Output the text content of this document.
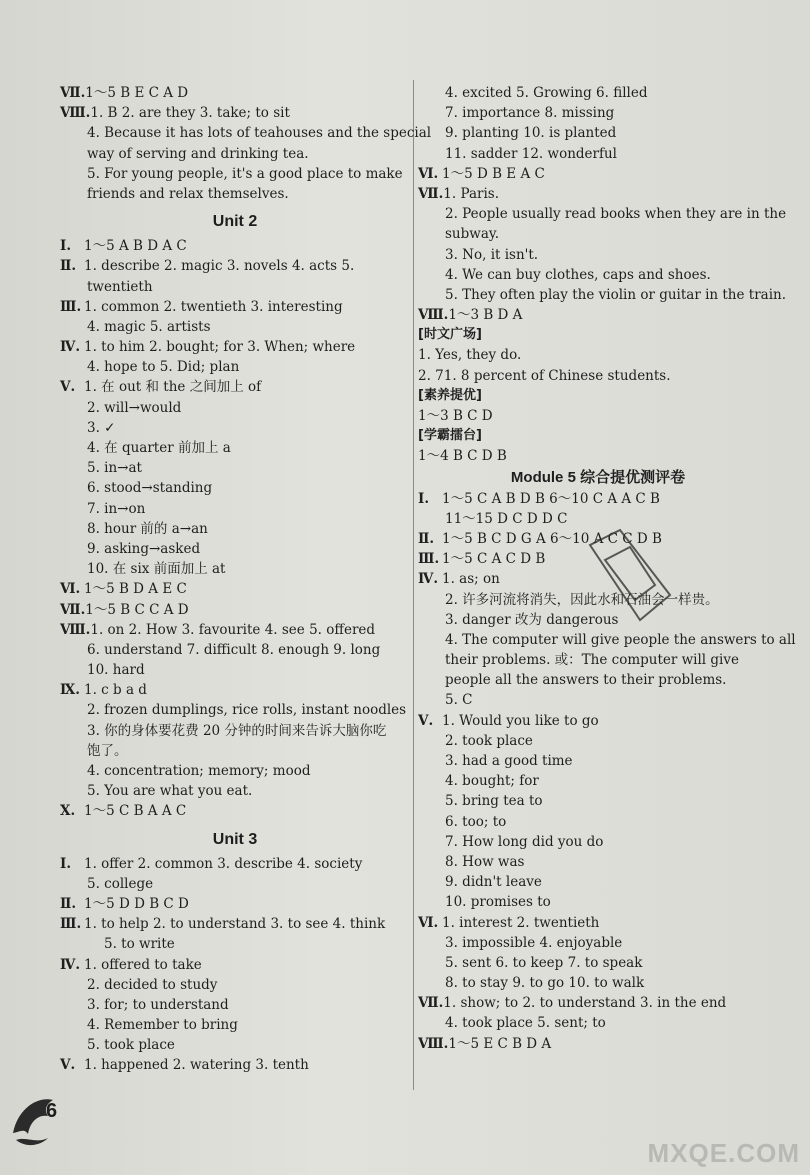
Ⅶ.1～5 B E C A D
Ⅷ.1. B 2. are they 3. take; to sit
4. Because it has lots of teahouses and the special
way of serving and drinking tea.
5. For young people, it's a good place to make
friends and relax themselves.
Unit 2
Ⅰ. 1～5 A B D A C
Ⅱ. 1. describe 2. magic 3. novels 4. acts 5.
twentieth
Ⅲ. 1. common 2. twentieth 3. interesting
4. magic 5. artists
Ⅳ. 1. to him 2. bought; for 3. When; where
4. hope to 5. Did; plan
Ⅴ. 1. 在 out 和 the 之间加上 of
2. will→would
3. ✓
4. 在 quarter 前加上 a
5. in→at
6. stood→standing
7. in→on
8. hour 前的 a→an
9. asking→asked
10. 在 six 前面加上 at
Ⅵ. 1～5 B D A E C
Ⅶ.1～5 B C C A D
Ⅷ.1. on 2. How 3. favourite 4. see 5. offered
6. understand 7. difficult 8. enough 9. long
10. hard
Ⅸ. 1. c b a d
2. frozen dumplings, rice rolls, instant noodles
3. 你的身体要花费 20 分钟的时间来告诉大脑你吃
饱了。
4. concentration; memory; mood
5. You are what you eat.
Ⅹ. 1～5 C B A A C
Unit 3
Ⅰ. 1. offer 2. common 3. describe 4. society
5. college
Ⅱ. 1～5 D D B C D
Ⅲ. 1. to help 2. to understand 3. to see 4. think
5. to write
Ⅳ. 1. offered to take
2. decided to study
3. for; to understand
4. Remember to bring
5. took place
Ⅴ. 1. happened 2. watering 3. tenth
4. excited 5. Growing 6. filled
7. importance 8. missing
9. planting 10. is planted
11. sadder 12. wonderful
Ⅵ. 1～5 D B E A C
Ⅶ.1. Paris.
2. People usually read books when they are in the
subway.
3. No, it isn't.
4. We can buy clothes, caps and shoes.
5. They often play the violin or guitar in the train.
Ⅷ.1～3 B D A
[时文广场]
1. Yes, they do.
2. 71. 8 percent of Chinese students.
[素养提优]
1～3 B C D
[学霸擂台]
1～4 B C D B
Module 5 综合提优测评卷
Ⅰ. 1～5 C A B D B 6～10 C A A C B
11～15 D C D D C
Ⅱ. 1～5 B C D G A 6～10 A C C D B
Ⅲ. 1～5 C A C D B
Ⅳ. 1. as; on
2. 许多河流将消失，因此水和石油会一样贵。
3. danger 改为 dangerous
4. The computer will give people the answers to all
their problems. 或：The computer will give
people all the answers to their problems.
5. C
Ⅴ. 1. Would you like to go
2. took place
3. had a good time
4. bought; for
5. bring tea to
6. too; to
7. How long did you do
8. How was
9. didn't leave
10. promises to
Ⅵ. 1. interest 2. twentieth
3. impossible 4. enjoyable
5. sent 6. to keep 7. to speak
8. to stay 9. to go 10. to walk
Ⅶ.1. show; to 2. to understand 3. in the end
4. took place 5. sent; to
Ⅷ.1～5 E C B D A
6
MXQE.COM
